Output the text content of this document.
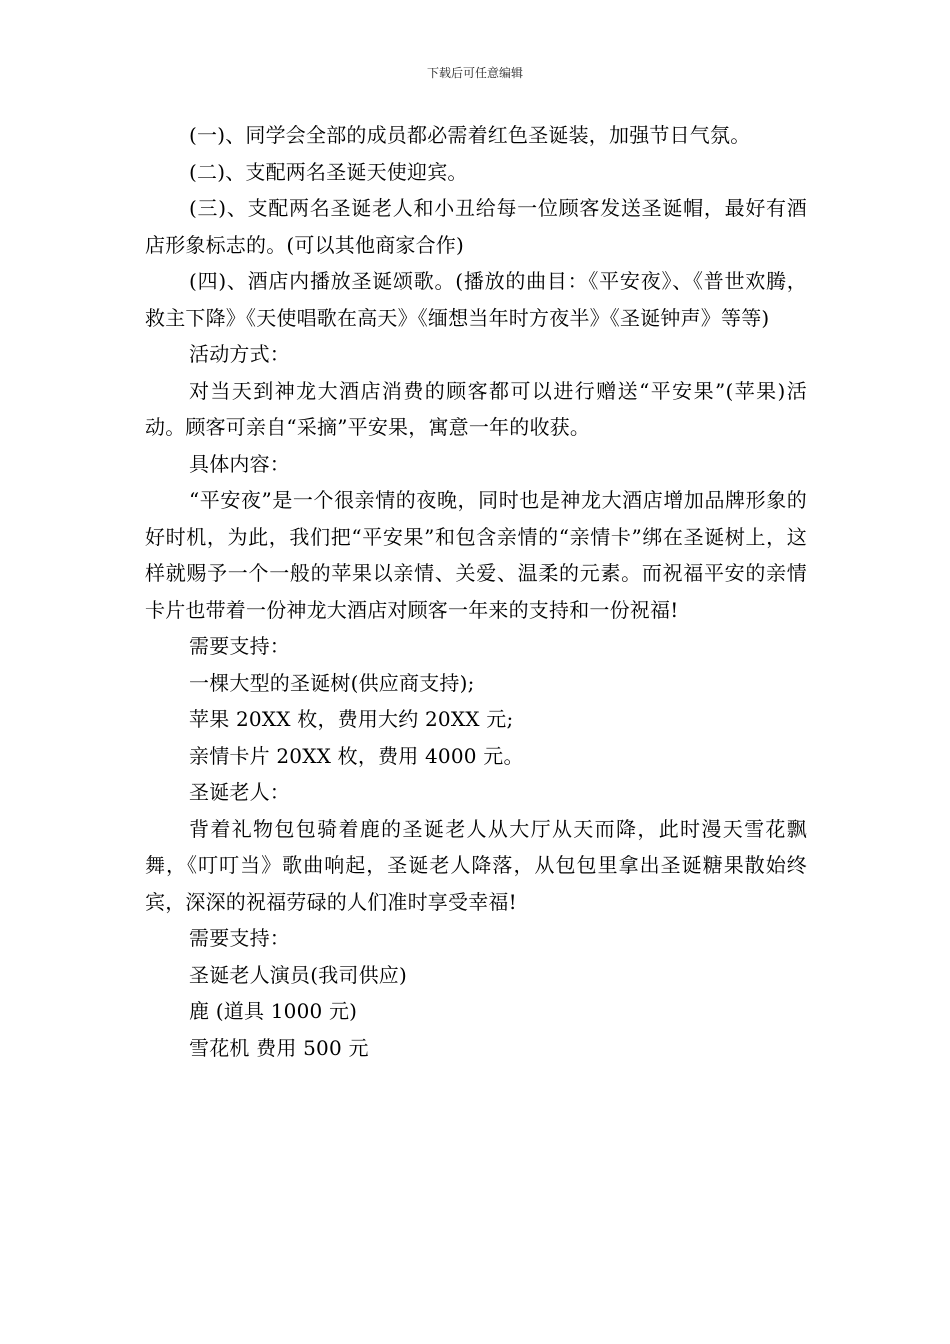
下载后可任意编辑

(一)、同学会全部的成员都必需着红色圣诞装，加强节日气氛。

(二)、支配两名圣诞天使迎宾。

(三)、支配两名圣诞老人和小丑给每一位顾客发送圣诞帽，最好有酒店形象标志的。(可以其他商家合作)

(四)、酒店内播放圣诞颂歌。(播放的曲目：《平安夜》、《普世欢腾，救主下降》《天使唱歌在高天》《缅想当年时方夜半》《圣诞钟声》等等)

活动方式：

对当天到神龙大酒店消费的顾客都可以进行赠送“平安果”(苹果)活动。顾客可亲自“采摘”平安果，寓意一年的收获。

具体内容：

“平安夜”是一个很亲情的夜晚，同时也是神龙大酒店增加品牌形象的好时机，为此，我们把“平安果”和包含亲情的“亲情卡”绑在圣诞树上，这样就赐予一个一般的苹果以亲情、关爱、温柔的元素。而祝福平安的亲情卡片也带着一份神龙大酒店对顾客一年来的支持和一份祝福!

需要支持：

一棵大型的圣诞树(供应商支持);

苹果 20XX 枚，费用大约 20XX 元;

亲情卡片 20XX 枚，费用 4000 元。

圣诞老人：

背着礼物包包骑着鹿的圣诞老人从大厅从天而降，此时漫天雪花飘舞，《叮叮当》歌曲响起，圣诞老人降落，从包包里拿出圣诞糖果散始终宾，深深的祝福劳碌的人们准时享受幸福!

需要支持：

圣诞老人演员(我司供应)

鹿 (道具 1000 元)

雪花机 费用 500 元
